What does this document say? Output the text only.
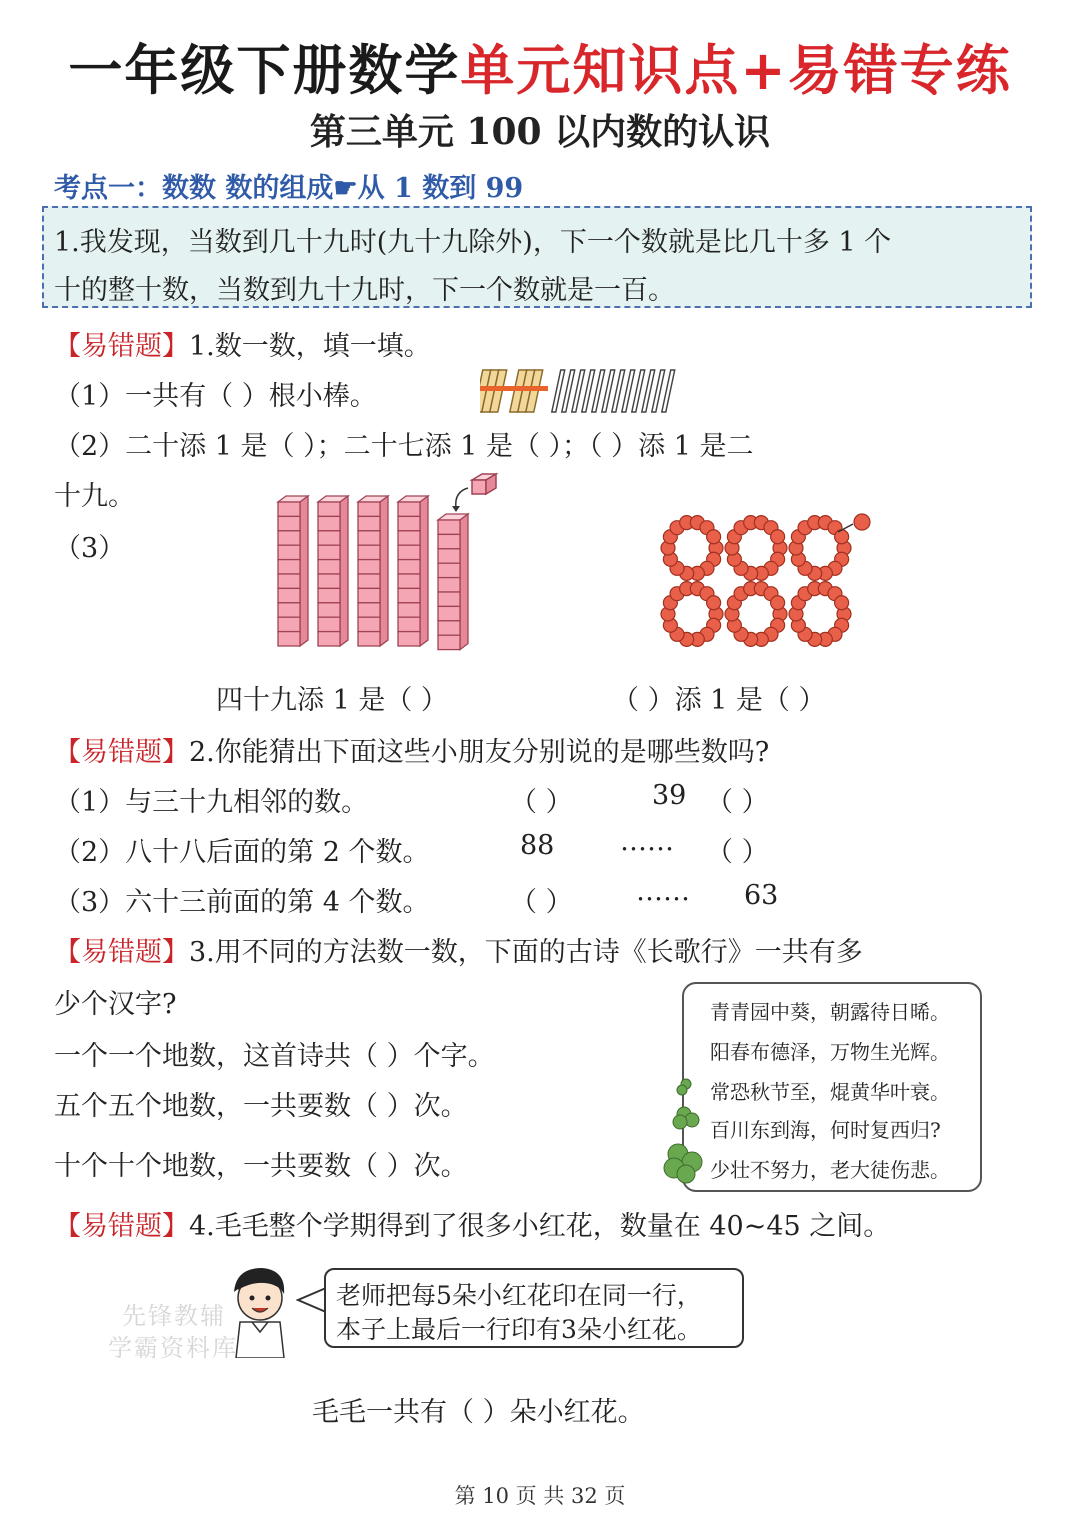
一年级下册数学单元知识点+易错专练
第三单元 100 以内数的认识
考点一：数数 数的组成☛从 1 数到 99
1.我发现，当数到几十九时(九十九除外)，下一个数就是比几十多 1 个
十的整十数，当数到九十九时，下一个数就是一百。
【易错题】1.数一数，填一填。
（1）一共有（ ）根小棒。
（2）二十添 1 是（ ）；二十七添 1 是（ ）；（ ）添 1 是二
十九。
（3）
四十九添 1 是（ ）	（ ）添 1 是（ ）
【易错题】2.你能猜出下面这些小朋友分别说的是哪些数吗?
（1）与三十九相邻的数。	（ ）	39 （ ）
（2）八十八后面的第 2 个数。	88 …… （ ）
（3）六十三前面的第 4 个数。	（ ） …… 63
【易错题】3.用不同的方法数一数，下面的古诗《长歌行》一共有多
少个汉字?
一个一个地数，这首诗共（ ）个字。
五个五个地数，一共要数（ ）次。
十个十个地数，一共要数（ ）次。
青青园中葵，朝露待日晞。
阳春布德泽，万物生光辉。
常恐秋节至，焜黄华叶衰。
百川东到海，何时复西归?
少壮不努力，老大徒伤悲。
【易错题】4.毛毛整个学期得到了很多小红花，数量在 40~45 之间。
老师把每5朵小红花印在同一行，
本子上最后一行印有3朵小红花。
先锋教辅
学霸资料库
毛毛一共有（ ）朵小红花。
第 10 页 共 32 页
